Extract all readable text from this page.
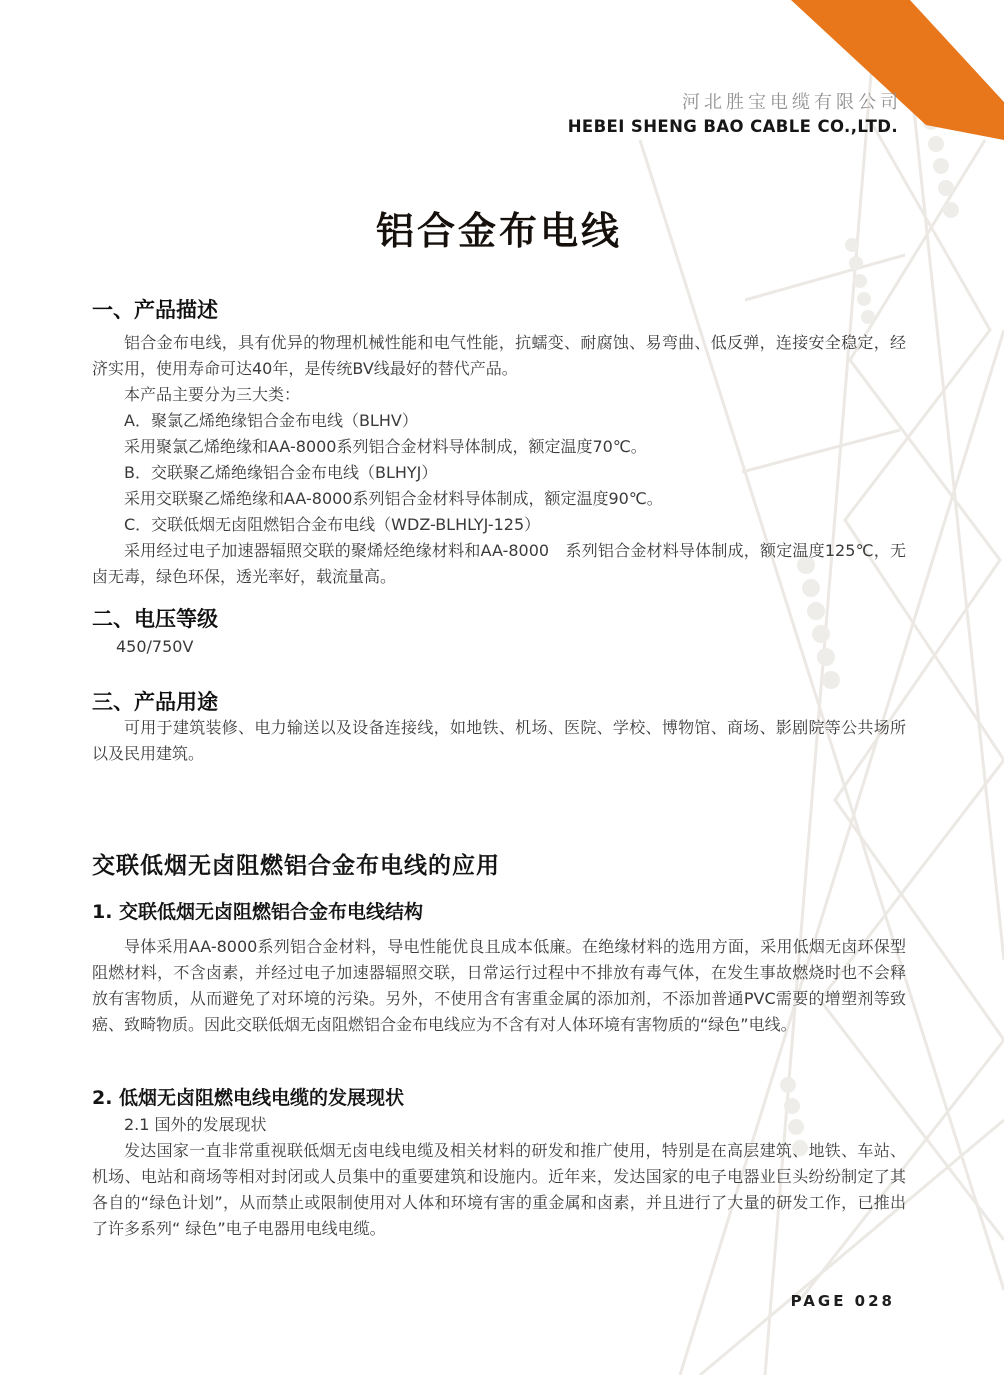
河北胜宝电缆有限公司
HEBEI SHENG BAO CABLE CO.,LTD.
铝合金布电线
一、产品描述

铝合金布电线，具有优异的物理机械性能和电气性能，抗蠕变、耐腐蚀、易弯曲、低反弹，连接安全稳定，经济实用，使用寿命可达40年，是传统BV线最好的替代产品。

本产品主要分为三大类：

A．聚氯乙烯绝缘铝合金布电线（BLHV）

采用聚氯乙烯绝缘和AA-8000系列铝合金材料导体制成，额定温度70℃。

B．交联聚乙烯绝缘铝合金布电线（BLHYJ）

采用交联聚乙烯绝缘和AA-8000系列铝合金材料导体制成，额定温度90℃。

C．交联低烟无卤阻燃铝合金布电线（WDZ-BLHLYJ-125）

采用经过电子加速器辐照交联的聚烯烃绝缘材料和AA-8000　系列铝合金材料导体制成，额定温度125℃，无卤无毒，绿色环保，透光率好，载流量高。

二、电压等级

450/750V

三、产品用途

可用于建筑装修、电力输送以及设备连接线，如地铁、机场、医院、学校、博物馆、商场、影剧院等公共场所以及民用建筑。

交联低烟无卤阻燃铝合金布电线的应用
1. 交联低烟无卤阻燃铝合金布电线结构

导体采用AA-8000系列铝合金材料，导电性能优良且成本低廉。在绝缘材料的选用方面，采用低烟无卤环保型阻燃材料，不含卤素，并经过电子加速器辐照交联，日常运行过程中不排放有毒气体，在发生事故燃烧时也不会释放有害物质，从而避免了对环境的污染。另外，不使用含有害重金属的添加剂，不添加普通PVC需要的增塑剂等致癌、致畸物质。因此交联低烟无卤阻燃铝合金布电线应为不含有对人体环境有害物质的“绿色”电线。

2. 低烟无卤阻燃电线电缆的发展现状
2.1 国外的发展现状

发达国家一直非常重视联低烟无卤电线电缆及相关材料的研发和推广使用，特别是在高层建筑、地铁、车站、机场、电站和商场等相对封闭或人员集中的重要建筑和设施内。近年来，发达国家的电子电器业巨头纷纷制定了其各自的“绿色计划”，从而禁止或限制使用对人体和环境有害的重金属和卤素，并且进行了大量的研发工作，已推出了许多系列“ 绿色”电子电器用电线电缆。

PAGE 028
